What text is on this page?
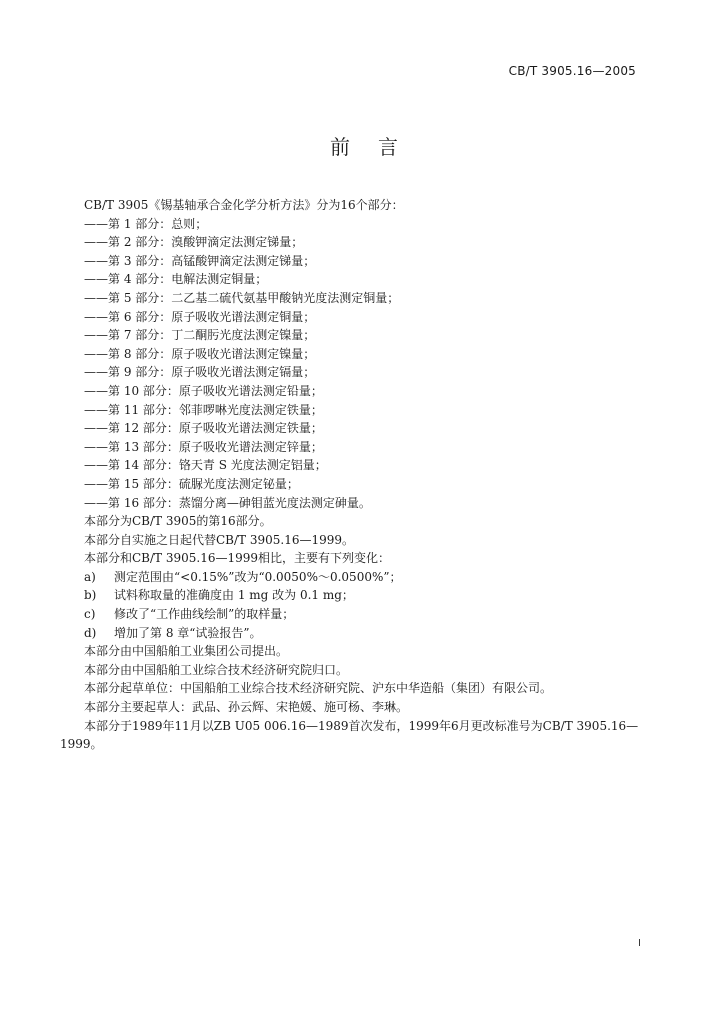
CB/T 3905.16—2005
前言
CB/T 3905《锡基轴承合金化学分析方法》分为16个部分：
——第 1 部分：总则；
——第 2 部分：溴酸钾滴定法测定锑量；
——第 3 部分：高锰酸钾滴定法测定锑量；
——第 4 部分：电解法测定铜量；
——第 5 部分：二乙基二硫代氨基甲酸钠光度法测定铜量；
——第 6 部分：原子吸收光谱法测定铜量；
——第 7 部分：丁二酮肟光度法测定镍量；
——第 8 部分：原子吸收光谱法测定镍量；
——第 9 部分：原子吸收光谱法测定镉量；
——第 10 部分：原子吸收光谱法测定铅量；
——第 11 部分：邻菲啰啉光度法测定铁量；
——第 12 部分：原子吸收光谱法测定铁量；
——第 13 部分：原子吸收光谱法测定锌量；
——第 14 部分：铬天青 S 光度法测定铝量；
——第 15 部分：硫脲光度法测定铋量；
——第 16 部分：蒸馏分离—砷钼蓝光度法测定砷量。
本部分为CB/T 3905的第16部分。
本部分自实施之日起代替CB/T 3905.16—1999。
本部分和CB/T 3905.16—1999相比，主要有下列变化：
a) 测定范围由“<0.15%”改为“0.0050%～0.0500%”；
b) 试料称取量的准确度由 1 mg 改为 0.1 mg；
c) 修改了“工作曲线绘制”的取样量；
d) 增加了第 8 章“试验报告”。
本部分由中国船舶工业集团公司提出。
本部分由中国船舶工业综合技术经济研究院归口。
本部分起草单位：中国船舶工业综合技术经济研究院、沪东中华造船（集团）有限公司。
本部分主要起草人：武品、孙云辉、宋艳媛、施可杨、李琳。
本部分于1989年11月以ZB U05 006.16—1989首次发布，1999年6月更改标准号为CB/T 3905.16—
1999。
I
